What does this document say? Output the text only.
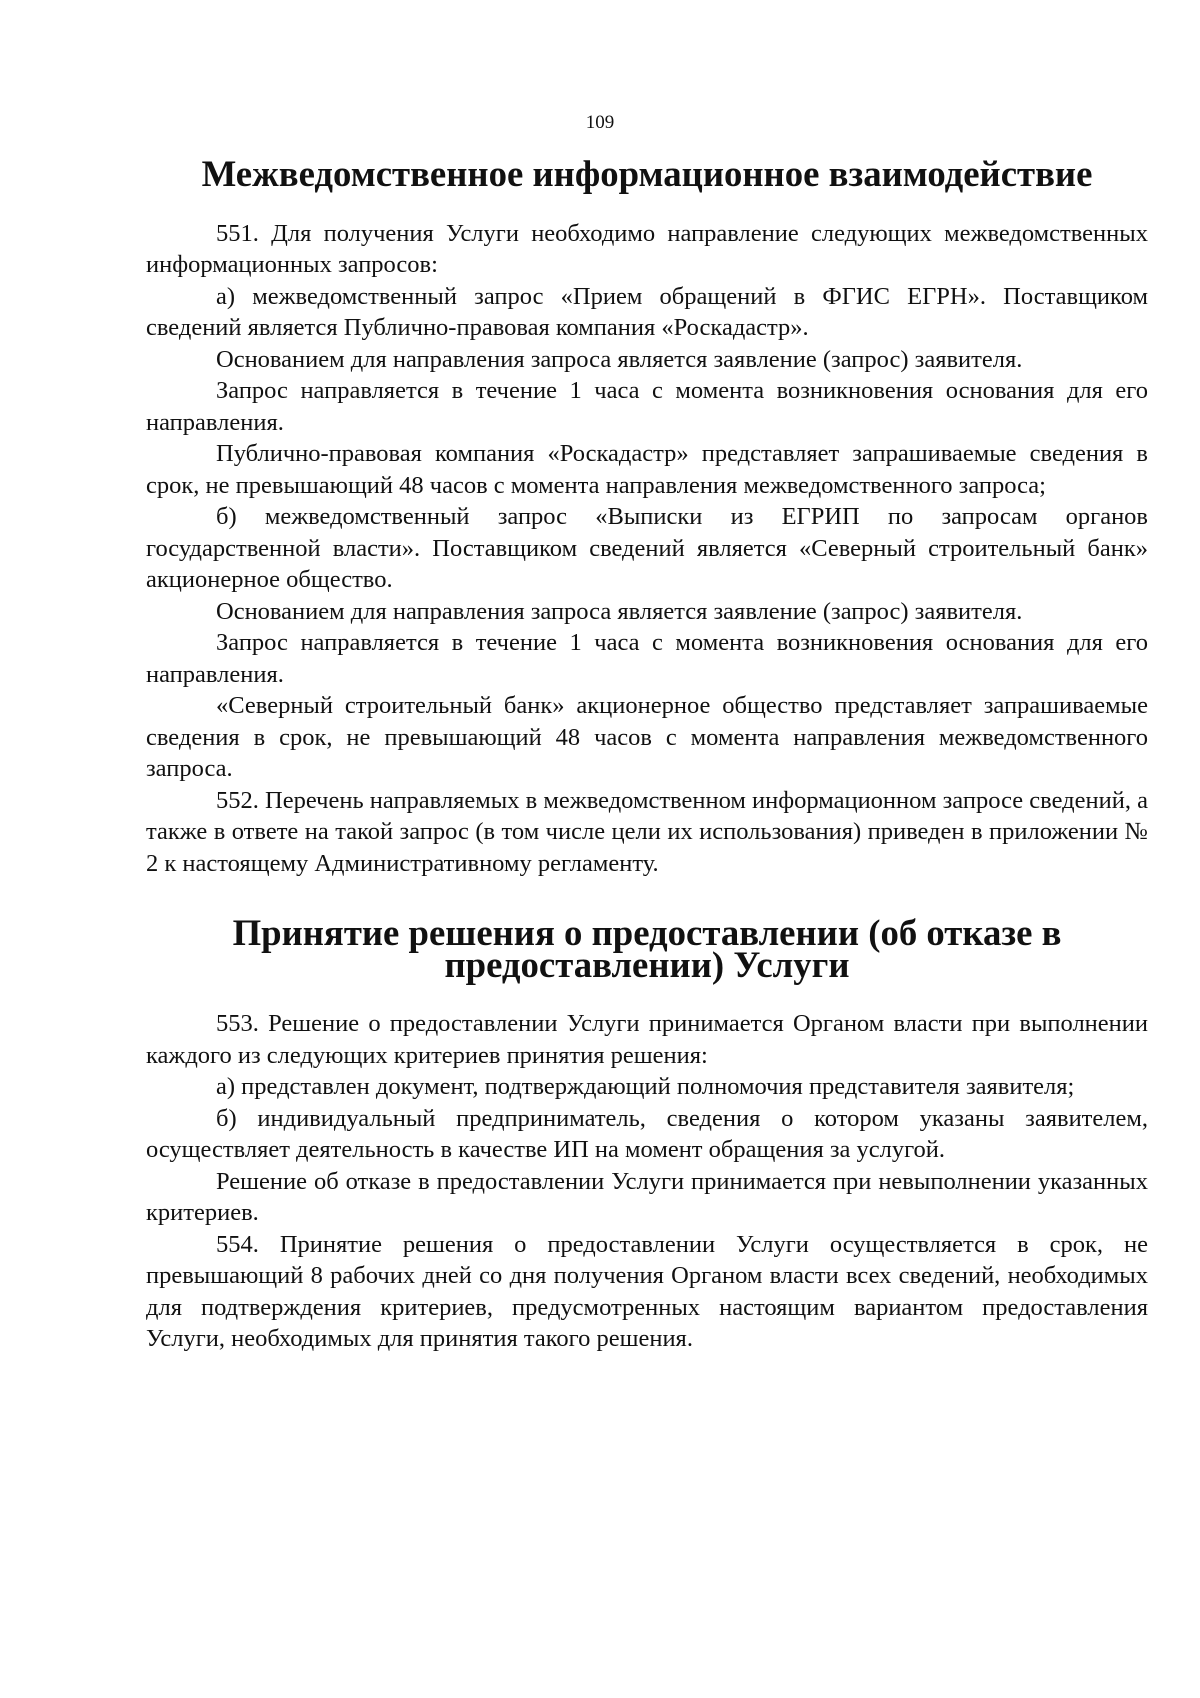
109
Межведомственное информационное взаимодействие

551. Для получения Услуги необходимо направление следующих межведомственных информационных запросов:

а) межведомственный запрос «Прием обращений в ФГИС ЕГРН». Поставщиком сведений является Публично-правовая компания «Роскадастр».

Основанием для направления запроса является заявление (запрос) заявителя.

Запрос направляется в течение 1 часа с момента возникновения основания для его направления.

Публично-правовая компания «Роскадастр» представляет запрашиваемые сведения в срок, не превышающий 48 часов с момента направления межведомственного запроса;

б) межведомственный запрос «Выписки из ЕГРИП по запросам органов государственной власти». Поставщиком сведений является «Северный строительный банк» акционерное общество.

Основанием для направления запроса является заявление (запрос) заявителя.

Запрос направляется в течение 1 часа с момента возникновения основания для его направления.

«Северный строительный банк» акционерное общество представляет запрашиваемые сведения в срок, не превышающий 48 часов с момента направления межведомственного запроса.

552. Перечень направляемых в межведомственном информационном запросе сведений, а также в ответе на такой запрос (в том числе цели их использования) приведен в приложении № 2 к настоящему Административному регламенту.

Принятие решения о предоставлении (об отказе в предоставлении) Услуги

553. Решение о предоставлении Услуги принимается Органом власти при выполнении каждого из следующих критериев принятия решения:

а) представлен документ, подтверждающий полномочия представителя заявителя;

б) индивидуальный предприниматель, сведения о котором указаны заявителем, осуществляет деятельность в качестве ИП на момент обращения за услугой.

Решение об отказе в предоставлении Услуги принимается при невыполнении указанных критериев.

554. Принятие решения о предоставлении Услуги осуществляется в срок, не превышающий 8 рабочих дней со дня получения Органом власти всех сведений, необходимых для подтверждения критериев, предусмотренных настоящим вариантом предоставления Услуги, необходимых для принятия такого решения.
